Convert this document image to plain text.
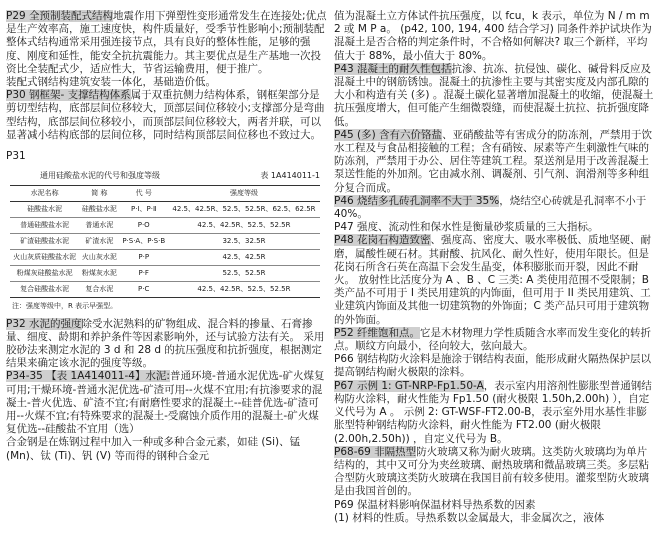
P29 全预制装配式结构地震作用下弹塑性变形通常发生在连接处;优点是生产效率高，施工速度快，构件质量好，受季节性影响小;预制装配整体式结构通常采用强连接节点，具有良好的整体性能，足够的强度、刚度和延性，能安全抗抗震能力。其主要优点是生产基地一次投资比全装配式少，适应性大，节省运输费用，便于推广。

装配式钢结构建筑安装一体化，基础造价低。

P30 钢框架- 支撑结构体系属于双重抗侧力结构体系，钢框架部分是剪切型结构，底部层间位移较大，顶部层间位移较小;支撑部分是弯曲型结构，底部层间位移较小，而顶部层间位移较大，两者并联，可以显著减小结构底部的层间位移，同时结构顶部层间位移也不致过大。

P31

通用硅酸盐水泥的代号和强度等级	表 1A414011-1
水泥名称	简 称	代 号	强度等级
硅酸盐水泥	硅酸盐水泥	P·Ⅰ、P·Ⅱ	42.5、42.5R、52.5、52.5R、62.5、62.5R
普通硅酸盐水泥	普通水泥	P·O	42.5、42.5R、52.5、52.5R
矿渣硅酸盐水泥	矿渣水泥	P·S·A、P·S·B	32.5、32.5R
火山灰质硅酸盐水泥	火山灰水泥	P·P	42.5、42.5R
粉煤灰硅酸盐水泥	粉煤灰水泥	P·F	52.5、52.5R
复合硅酸盐水泥	复合水泥	P·C	42.5、42.5R、52.5、52.5R
注：强度等级中，R 表示早强型。

P32 水泥的强度除受水泥熟料的矿物组成、混合料的掺量、石膏掺量、细度、龄期和养护条件等因素影响外，还与试验方法有关。 采用胶砂法来测定水泥的 3 d 和 28 d 的抗压强度和抗折强度，根据测定结果来确定该水泥的强度等级。

P34-35 【表 1A414011-4】水泥:普通环境-普通水泥优选-矿火煤复可用;干燥环境-普通水泥优选-矿渣可用--火煤不宜用;有抗渗要求的混凝土-普火优选、矿渣不宜;有耐磨性要求的混凝土--硅普优选-矿渣可用--火煤不宜;有特殊要求的混凝土-受腐蚀介质作用的混凝土-矿火煤复优选--硅酸盐不宜用（选）

合金钢是在炼钢过程中加入一种或多种合金元素，如硅 (Si)、锰 (Mn)、钛 (Ti)、钒 (V) 等而得的钢种合金元

值为混凝土立方体试件抗压强度，以 fcu，k 表示，单位为 N / m m 2 或 M P a。 (p42, 100, 194, 400 结合学习) 同条件养护试块作为混凝土是否合格的判定条件时，不合格如何解决? 取三个新样，平均值大于 88%，最小值大于 80%。

P43 混凝土的耐久性包括抗渗、抗冻、抗侵蚀、碳化、碱骨料反应及混凝土中的钢筋锈蚀。混凝土的抗渗性主要与其密实度及内部孔隙的大小和构造有关 (多) 。混凝土碳化显著增加混凝土的收缩，使混凝土抗压强度增大，但可能产生细微裂缝，而使混凝土抗拉、抗折强度降低。

P45 (多) 含有六价铬盐、亚硝酸盐等有害成分的防冻剂，严禁用于饮水工程及与食品相接触的工程；含有硝铵、尿素等产生刺激性气味的防冻剂，严禁用于办公、居住等建筑工程。泵送剂是用于改善混凝土泵送性能的外加剂。它由减水剂、调凝剂、引气剂、润滑剂等多种组分复合而成。

P46 烧结多孔砖孔洞率不大于 35%，烧结空心砖就是孔洞率不小于 40%。

P47 强度、流动性和保水性是衡量砂浆质量的三大指标。

P48 花岗石构造致密、强度高、密度大、吸水率极低、质地坚硬、耐磨，属酸性硬石材。其耐酸、抗风化、耐久性好，使用年限长。但是花岗石所含石英在高温下会发生晶变，体积膨胀而开裂，因此不耐火。 放射性比活度分为 A 、B 、C 三类: A 类使用范围不受限制；B 类产品不可用于 I 类民用建筑的内饰面，但可用于 II 类民用建筑、工业建筑内饰面及其他一切建筑物的外饰面；C 类产品只可用于建筑物的外饰面。

P52 纤维饱和点。它是木材物理力学性质随含水率而发生变化的转折点。顺纹方向最小，径向较大，弦向最大。

P66 钢结构防火涂料是施涂于钢结构表面，能形成耐火隔热保护层以提高钢结构耐火极限的涂料。

P67 示例 1: GT-NRP-Fp1.50-A，表示室内用溶剂性膨胀型普通钢结构防火涂料，耐火性能为 Fp1.50 (耐火极限 1.50h,2.00h) ），自定义代号为 A 。 示例 2: GT-WSF-FT2.00-B，表示室外用水基性非膨胀型特种钢结构防火涂料，耐火性能为 FT2.00 (耐火极限(2.00h,2.50h)) ，自定义代号为 B。

P68-69 非隔热型防火玻璃又称为耐火玻璃。这类防火玻璃均为单片结构的，其中又可分为夹丝玻璃、耐热玻璃和微晶玻璃三类。多层粘合型防火玻璃这类防火玻璃在我国目前有较多使用。灌浆型防火玻璃是由我国首创的。

P69 保温材料影响保温材料导热系数的因素

(1) 材料的性质。导热系数以金属最大，非金属次之，液体
